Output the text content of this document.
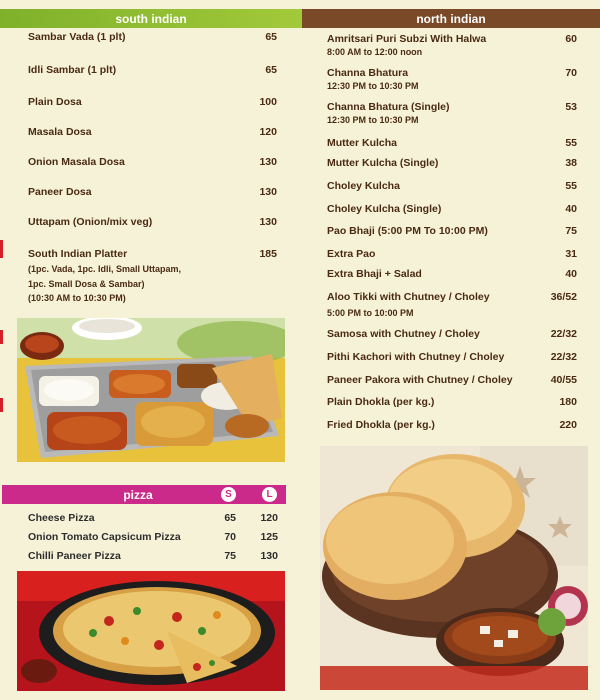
south indian	north indian
Sambar Vada (1 plt)	65
Idli Sambar (1 plt)	65
Plain Dosa	100
Masala Dosa	120
Onion Masala Dosa	130
Paneer Dosa	130
Uttapam (Onion/mix veg)	130
South Indian Platter	185
(1pc. Vada, 1pc. Idli, Small Uttapam,
1pc. Small Dosa & Sambar)
(10:30 AM to 10:30 PM)
pizza	S	L
Cheese Pizza	65	120
Onion Tomato Capsicum Pizza	70	125
Chilli Paneer Pizza	75	130
Amritsari Puri Subzi With Halwa	60
8:00 AM to 12:00 noon
Channa Bhatura	70
12:30 PM to 10:30 PM
Channa Bhatura (Single)	53
12:30 PM to 10:30 PM
Mutter Kulcha	55
Mutter Kulcha (Single)	38
Choley Kulcha	55
Choley Kulcha (Single)	40
Pao Bhaji (5:00 PM To 10:00 PM)	75
Extra Pao	31
Extra Bhaji + Salad	40
Aloo Tikki with Chutney / Choley	36/52
5:00 PM to 10:00 PM
Samosa with Chutney / Choley	22/32
Pithi Kachori with Chutney / Choley	22/32
Paneer Pakora with Chutney / Choley	40/55
Plain Dhokla (per kg.)	180
Fried Dhokla (per kg.)	220
